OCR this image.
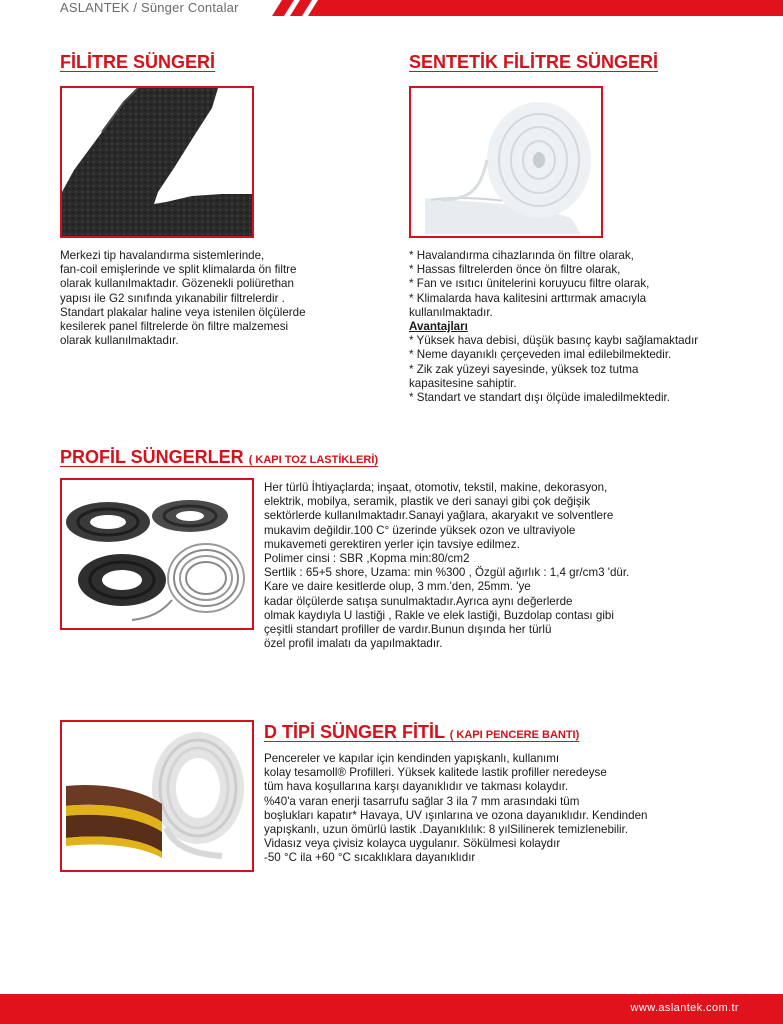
ASLANTEK / Sünger Contalar
FİLİTRE SÜNGERİ
Merkezi tip havalandırma sistemlerinde,
fan-coil emişlerinde ve split klimalarda ön filtre
olarak kullanılmaktadır. Gözenekli poliürethan
yapısı ile G2 sınıfında yıkanabilir filtrelerdir .
Standart plakalar haline veya istenilen ölçülerde
kesilerek panel filtrelerde ön filtre malzemesi
olarak kullanılmaktadır.
SENTETİK FİLİTRE SÜNGERİ
* Havalandırma cihazlarında ön filtre olarak,
* Hassas filtrelerden önce ön filtre olarak,
* Fan ve ısıtıcı ünitelerini koruyucu filtre olarak,
* Klimalarda hava kalitesini arttırmak amacıyla
kullanılmaktadır.
Avantajları
* Yüksek hava debisi, düşük basınç kaybı sağlamaktadır
* Neme dayanıklı çerçeveden imal edilebilmektedir.
* Zik zak yüzeyi sayesinde, yüksek toz tutma
kapasitesine sahiptir.
* Standart ve standart dışı ölçüde imaledilmektedir.
PROFİL SÜNGERLER ( KAPI TOZ LASTİKLERİ)
Her türlü İhtiyaçlarda; inşaat, otomotiv, tekstil, makine, dekorasyon,
elektrik, mobilya, seramik, plastik ve deri sanayi gibi çok değişik
sektörlerde kullanılmaktadır.Sanayi yağlara, akaryakıt ve solventlere
mukavim değildir.100 C° üzerinde yüksek ozon ve ultraviyole
mukavemeti gerektiren yerler için tavsiye edilmez.
Polimer cinsi : SBR ,Kopma min:80/cm2
Sertlik : 65+5 shore, Uzama: min %300 , Özgül ağırlık : 1,4 gr/cm3 'dür.
Kare ve daire kesitlerde olup, 3 mm.'den, 25mm. 'ye
kadar ölçülerde satışa sunulmaktadır.Ayrıca aynı değerlerde
olmak kaydıyla U lastiği , Rakle ve elek lastiği, Buzdolap contası gibi
çeşitli standart profiller de vardır.Bunun dışında her türlü
özel profil imalatı da yapılmaktadır.
D TİPİ SÜNGER FİTİL ( KAPI PENCERE BANTI)
Pencereler ve kapılar için kendinden yapışkanlı, kullanımı
kolay tesamoll® Profilleri. Yüksek kalitede lastik profiller neredeyse
tüm hava koşullarına karşı dayanıklıdır ve takması kolaydır.
%40'a varan enerji tasarrufu sağlar 3 ila 7 mm arasındaki tüm
boşlukları kapatır* Havaya, UV ışınlarına ve ozona dayanıklıdır. Kendinden
yapışkanlı, uzun ömürlü lastik .Dayanıklılık: 8 yılSilinerek temizlenebilir.
Vidasız veya çivisiz kolayca uygulanır. Sökülmesi kolaydır
-50 °C ila +60 °C sıcaklıklara dayanıklıdır
www.aslantek.com.tr
